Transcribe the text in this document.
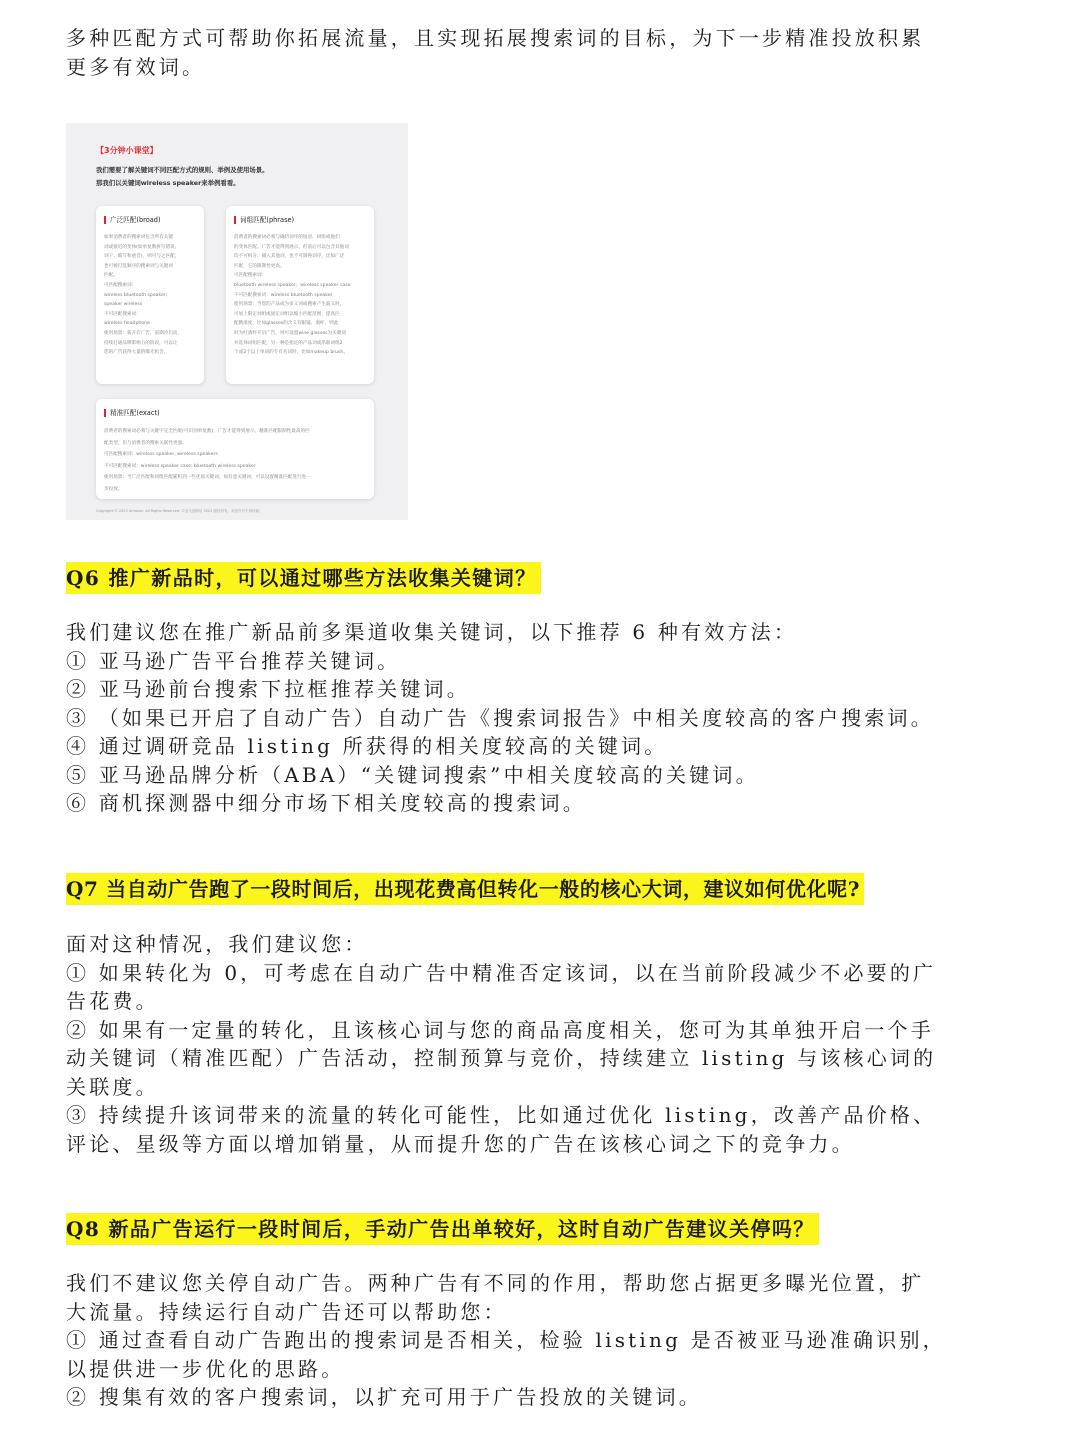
多种匹配方式可帮助你拓展流量，且实现拓展搜索词的目标，为下一步精准投放积累
更多有效词。
【3分钟小课堂】
我们需要了解关键词不同匹配方式的规则、举例及使用场景。
那我们以关键词wireless speaker来举例看看。
广泛匹配(broad)
如果消费者的搜索词包含所有关键
词或接近的变体(如单复数拼写错误、
词干、缩写和重音)，则可与之匹配，
也可被打乱顺序的搜索词与关键词
匹配。
可匹配搜索词：
wireless bluetooth speaker；
speaker wireless
不可匹配搜索词：
wireless headphone
使用场景：新开启广告，前期冷启动，
持续打通品牌影响力的阶段，可以让
您的广告获得大量的曝光机会。
词组匹配(phrase)
消费者的搜索词必须与确切词序的短语、词组或他们
的变体匹配。广告才能得到展示，但前后可以包含其他词
均不可拆分、插入其他词，也不可调换词序，比如广泛
匹配，它的限制性更高。
可匹配搜索词：
bluetooth wireless speaker；wireless speaker case
不可匹配搜索词：wireless bluetooth speaker
使用场景：当您的产品成为多义词或搜索产生歧义时，
可加上限定词组或固定词组以缩小匹配范围，提高匹
配精准度，比如glasses的含义有眼镜、酒杯，则此
时为红酒杯开启广告，则可设置wine glasses为关键词
并选择词组匹配，另一种是指定的产品词或串联词组2
个或2个以上单词的专有名词时，比如makeup brush。
精准匹配(exact)
消费者的搜索词必须与关键字完全匹配(可识别单复数)，广告才能得到展示。精准匹配限制性最高的匹
配类型，但与消费者的搜索关联性更强。
可匹配搜索词：wireless speaker, wireless speakers
不可匹配搜索词：wireless speaker case; bluetooth wireless speaker
使用场景：当广泛匹配和词组匹配累积到一些优质关键词，如有意关键词，可以设置精准匹配进行进一
步投放。
Copyright © 2023 Amazon. All Rights Reserved. ©亚马逊网站 2023 版权所有。未经许可不得转载。
Q6 推广新品时，可以通过哪些方法收集关键词？
我们建议您在推广新品前多渠道收集关键词，以下推荐 6 种有效方法：
① 亚马逊广告平台推荐关键词。
② 亚马逊前台搜索下拉框推荐关键词。
③ （如果已开启了自动广告）自动广告《搜索词报告》中相关度较高的客户搜索词。
④ 通过调研竞品 listing 所获得的相关度较高的关键词。
⑤ 亚马逊品牌分析（ABA）“关键词搜索”中相关度较高的关键词。
⑥ 商机探测器中细分市场下相关度较高的搜索词。
Q7 当自动广告跑了一段时间后，出现花费高但转化一般的核心大词，建议如何优化呢?
面对这种情况，我们建议您：
① 如果转化为 0，可考虑在自动广告中精准否定该词，以在当前阶段减少不必要的广
告花费。
② 如果有一定量的转化，且该核心词与您的商品高度相关，您可为其单独开启一个手
动关键词（精准匹配）广告活动，控制预算与竞价，持续建立 listing 与该核心词的
关联度。
③ 持续提升该词带来的流量的转化可能性，比如通过优化 listing，改善产品价格、
评论、星级等方面以增加销量，从而提升您的广告在该核心词之下的竞争力。
Q8 新品广告运行一段时间后，手动广告出单较好，这时自动广告建议关停吗？
我们不建议您关停自动广告。两种广告有不同的作用，帮助您占据更多曝光位置，扩
大流量。持续运行自动广告还可以帮助您：
① 通过查看自动广告跑出的搜索词是否相关，检验 listing 是否被亚马逊准确识别，
以提供进一步优化的思路。
② 搜集有效的客户搜索词，以扩充可用于广告投放的关键词。
